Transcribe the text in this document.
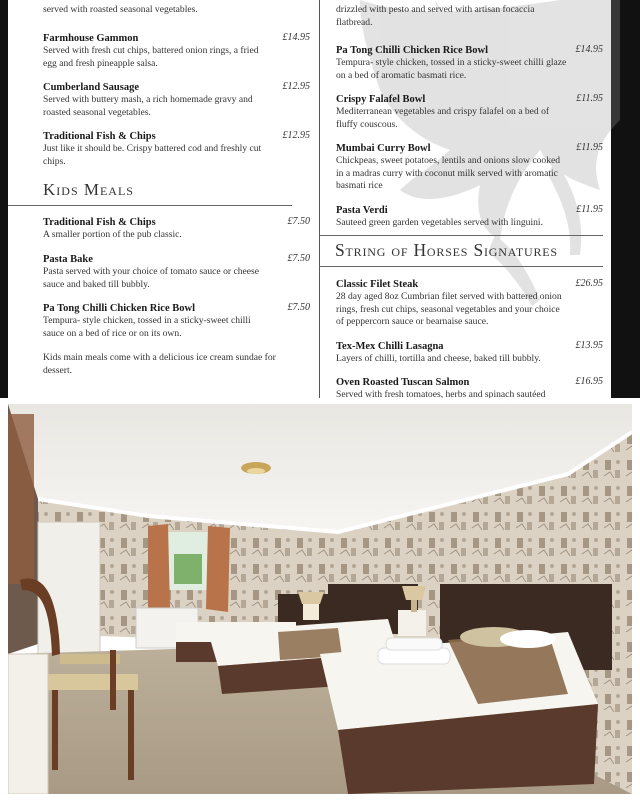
served with roasted seasonal vegetables.
Farmhouse Gammon	£14.95
Served with fresh cut chips, battered onion rings, a fried egg and fresh pineapple salsa.
Cumberland Sausage	£12.95
Served with buttery mash, a rich homemade gravy and roasted seasonal vegetables.
Traditional Fish & Chips	£12.95
Just like it should be. Crispy battered cod and freshly cut chips.
Kids Meals
Traditional Fish & Chips	£7.50
A smaller portion of the pub classic.
Pasta Bake	£7.50
Pasta served with your choice of tomato sauce or cheese sauce and baked till bubbly.
Pa Tong Chilli Chicken Rice Bowl	£7.50
Tempura- style chicken, tossed in a sticky-sweet chilli sauce on a bed of rice or on its own.
Kids main meals come with a delicious ice cream sundae for dessert.
drizzled with pesto and served with artisan focaccia flatbread.
Pa Tong Chilli Chicken Rice Bowl	£14.95
Tempura- style chicken, tossed in a sticky-sweet chilli glaze on a bed of aromatic basmati rice.
Crispy Falafel Bowl	£11.95
Mediterranean vegetables and crispy falafel on a bed of fluffy couscous.
Mumbai Curry Bowl	£11.95
Chickpeas, sweet potatoes, lentils and onions slow cooked in a madras curry with coconut milk served with aromatic basmati rice
Pasta Verdi	£11.95
Sauteed green garden vegetables served with linguini.
String of Horses Signatures
Classic Filet Steak	£26.95
28 day aged 8oz Cumbrian filet served with battered onion rings, fresh cut chips, seasonal vegetables and your choice of peppercorn sauce or bearnaise sauce.
Tex-Mex Chilli Lasagna	£13.95
Layers of chilli, tortilla and cheese, baked till bubbly.
Oven Roasted Tuscan Salmon	£16.95
Served with fresh tomatoes, herbs and spinach sautéed
